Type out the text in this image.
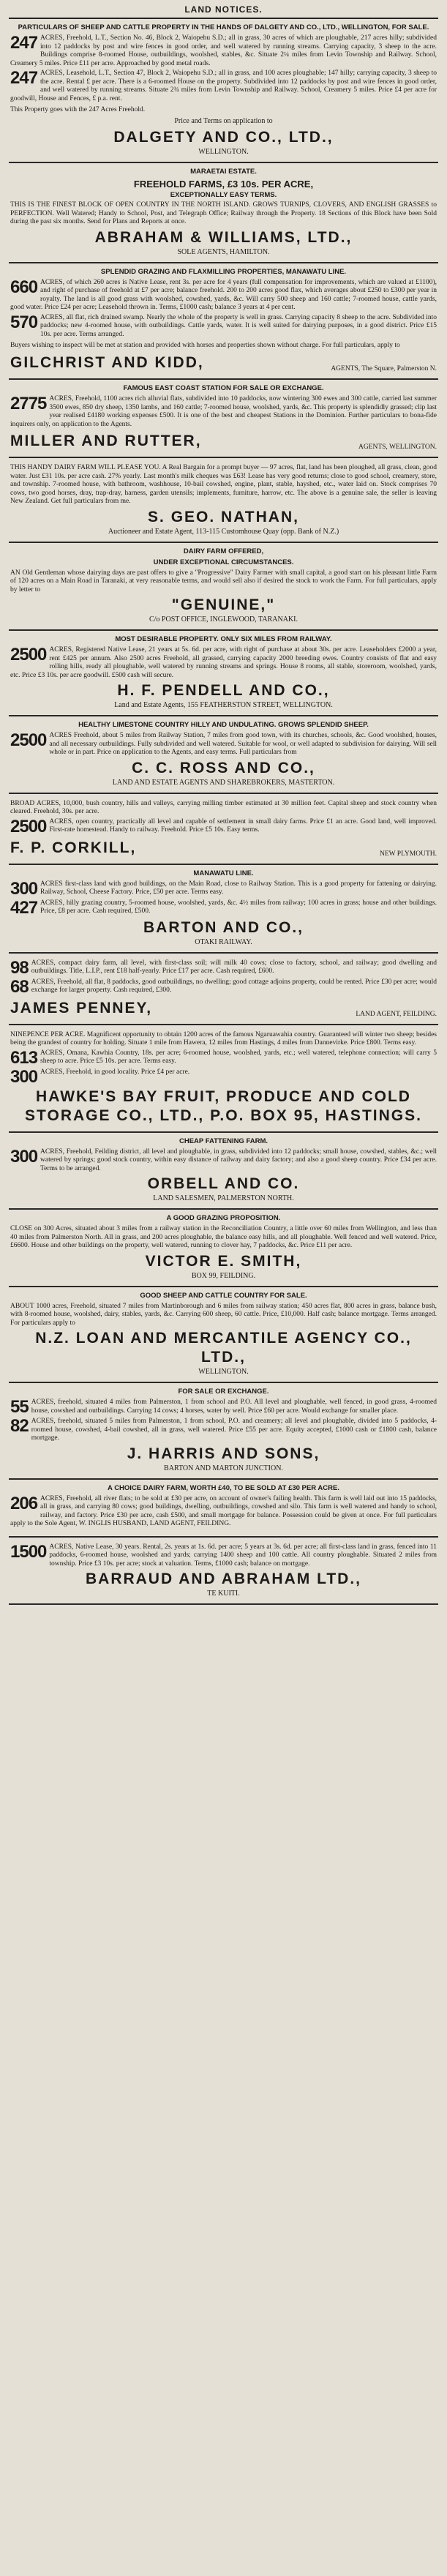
LAND NOTICES.
PARTICULARS OF SHEEP AND CATTLE PROPERTY IN THE HANDS OF DALGETY AND CO., LTD., WELLINGTON, FOR SALE.
247 ACRES, Freehold, L.T., Section No. 46, Block 2, Waiopehu S.D.; all in grass, 30 acres of which are ploughable, 217 acres hilly; subdivided into 12 paddocks by post and wire fences in good order, and well watered by running streams. Carrying capacity, 3 sheep to the acre. Buildings comprise 8-roomed House, outbuildings, woolshed, stables, &c. Situate 2¼ miles from Levin Township and Railway. School, Creamery 5 miles. Price £11 per acre. Approached by good metal roads.
247 ACRES, Leasehold, L.T., Section 47, Block 2, Waiopehu S.D.; all in grass, and 100 acres ploughable; 147 hilly; carrying capacity, 3 sheep to the acre. Rental £ per acre. There is a 6-roomed House on the property. Subdivided into 12 paddocks by post and wire fences in good order, and well watered by running streams. Situate 2¾ miles from Levin Township and Railway. School, Creamery 5 miles. Price £4 per acre for goodwill, House and Fences, £ p.a. rent.
This Property goes with the 247 Acres Freehold.
Price and Terms on application to
DALGETY AND CO., LTD.,
WELLINGTON.
MARAETAI ESTATE.
FREEHOLD FARMS, £3 10s. PER ACRE,
EXCEPTIONALLY EASY TERMS.
THIS IS THE FINEST BLOCK OF OPEN COUNTRY IN THE NORTH ISLAND. GROWS TURNIPS, CLOVERS, AND ENGLISH GRASSES to PERFECTION. Well Watered; Handy to School, Post, and Telegraph Office; Railway through the Property. 18 Sections of this Block have been Sold during the past six months. Send for Plans and Reports at once.
ABRAHAM & WILLIAMS, LTD.,
SOLE AGENTS, HAMILTON.
SPLENDID GRAZING AND FLAXMILLING PROPERTIES, MANAWATU LINE.
660 ACRES, of which 260 acres is Native Lease, rent 3s. per acre for 4 years (full compensation for improvements, which are valued at £1100), and right of purchase of freehold at £7 per acre; balance freehold. 200 to 200 acres good flax, which averages about £250 to £300 per year in royalty. The land is all good grass with woolshed, cowshed, yards, &c. Will carry 500 sheep and 160 cattle; 7-roomed house, cattle yards, good water. Price £24 per acre; Leasehold thrown in. Terms, £1000 cash; balance 3 years at 4 per cent.
570 ACRES, all flat, rich drained swamp. Nearly the whole of the property is well in grass. Carrying capacity 8 sheep to the acre. Subdivided into paddocks; new 4-roomed house, with outbuildings. Cattle yards, water. It is well suited for dairying purposes, in a good district. Price £15 10s. per acre. Terms arranged.
Buyers wishing to inspect will be met at station and provided with horses and properties shown without charge. For full particulars, apply to
GILCHRIST AND KIDD,	AGENTS, The Square, Palmerston N.
FAMOUS EAST COAST STATION FOR SALE OR EXCHANGE.
2775 ACRES, Freehold, 1100 acres rich alluvial flats, subdivided into 10 paddocks, now wintering 300 ewes and 300 cattle, carried last summer 3500 ewes, 850 dry sheep, 1350 lambs, and 160 cattle; 7-roomed house, woolshed, yards, &c. This property is splendidly grassed; clip last year realised £4180 working expenses £500. It is one of the best and cheapest Stations in the Dominion. Further particulars to bona-fide inquirers only, on application to the Agents.
MILLER AND RUTTER,	AGENTS, WELLINGTON.
THIS HANDY DAIRY FARM WILL PLEASE YOU. A Real Bargain for a prompt buyer — 97 acres, flat, land has been ploughed, all grass, clean, good water. Just £31 10s. per acre cash. 27% yearly. Last month's milk cheques was £63! Lease has very good returns; close to good school, creamery, store, and township. 7-roomed house, with bathroom, washhouse, 10-bail cowshed, engine, plant, stable, hayshed, etc., water laid on. Stock comprises 70 cows, two good horses, dray, trap-dray, harness, garden utensils; implements, furniture, harrow, etc. The above is a genuine sale, the seller is leaving New Zealand. Get full particulars from me.
S. GEO. NATHAN,
Auctioneer and Estate Agent, 113-115 Customhouse Quay (opp. Bank of N.Z.)
DAIRY FARM OFFERED,
UNDER EXCEPTIONAL CIRCUMSTANCES.
AN Old Gentleman whose dairying days are past offers to give a "Progressive" Dairy Farmer with small capital, a good start on his pleasant little Farm of 120 acres on a Main Road in Taranaki, at very reasonable terms, and would sell also if desired the stock to work the Farm. For full particulars, apply by letter to
"GENUINE,"
C/o POST OFFICE, INGLEWOOD, TARANAKI.
MOST DESIRABLE PROPERTY. ONLY SIX MILES FROM RAILWAY.
2500 ACRES, Registered Native Lease, 21 years at 5s. 6d. per acre, with right of purchase at about 30s. per acre. Leaseholders £2000 a year, rent £425 per annum. Also 2500 acres Freehold, all grassed, carrying capacity 2000 breeding ewes. Country consists of flat and easy rolling hills, ready all ploughable, well watered by running streams and springs. House 8 rooms, all stable, storeroom, woolshed, yards, etc. Price £3 10s. per acre goodwill. £500 cash will secure.
H. F. PENDELL AND CO.,
Land and Estate Agents, 155 FEATHERSTON STREET, WELLINGTON.
HEALTHY LIMESTONE COUNTRY HILLY AND UNDULATING. GROWS SPLENDID SHEEP.
2500 ACRES Freehold, about 5 miles from Railway Station, 7 miles from good town, with its churches, schools, &c. Good woolshed, houses, and all necessary outbuildings. Fully subdivided and well watered. Suitable for wool, or well adapted to subdivision for dairying. Will sell whole or in part. Price on application to the Agents, and easy terms. Full particulars from
C. C. ROSS AND CO.,
LAND AND ESTATE AGENTS AND SHAREBROKERS, MASTERTON.
BROAD ACRES, 10,000, bush country, hills and valleys, carrying milling timber estimated at 30 million feet. Capital sheep and stock country when cleared. Freehold, 30s. per acre.
2500 ACRES, open country, practically all level and capable of settlement in small dairy farms. Price £1 an acre. Good land, well improved. First-rate homestead. Handy to railway. Freehold. Price £5 10s. Easy terms.
F. P. CORKILL,	NEW PLYMOUTH.
MANAWATU LINE.
300 ACRES first-class land with good buildings, on the Main Road, close to Railway Station. This is a good property for fattening or dairying. Railway, School, Cheese Factory. Price, £50 per acre. Terms easy.
427 ACRES, hilly grazing country, 5-roomed house, woolshed, yards, &c. 4½ miles from railway; 100 acres in grass; house and other buildings. Price, £8 per acre. Cash required, £500.
BARTON AND CO.,
OTAKI RAILWAY.
98 ACRES, compact dairy farm, all level, with first-class soil; will milk 40 cows; close to factory, school, and railway; good dwelling and outbuildings. Title, L.I.P., rent £18 half-yearly. Price £17 per acre. Cash required, £600.
68 ACRES, Freehold, all flat, 8 paddocks, good outbuildings, no dwelling; good cottage adjoins property, could be rented. Price £30 per acre; would exchange for larger property. Cash required, £300.
JAMES PENNEY,	LAND AGENT, FEILDING.
NINEPENCE PER ACRE. Magnificent opportunity to obtain 1200 acres of the famous Ngaruawahia country. Guaranteed will winter two sheep; besides being the grandest of country for holding. Situate 1 mile from Hawera, 12 miles from Hastings, 4 miles from Dannevirke. Price £800. Terms easy.
613 ACRES, Omana, Kawhia Country, 18s. per acre; 6-roomed house, woolshed, yards, etc.; well watered, telephone connection; will carry 5 sheep to acre. Price £5 10s. per acre. Terms easy.
300 ACRES, Freehold, in good locality. Price £4 per acre.
HAWKE'S BAY FRUIT, PRODUCE AND COLD STORAGE CO., LTD., P.O. BOX 95, HASTINGS.
CHEAP FATTENING FARM.
300 ACRES, Freehold, Feilding district, all level and ploughable, in grass, subdivided into 12 paddocks; small house, cowshed, stables, &c.; well watered by springs; good stock country, within easy distance of railway and dairy factory; and also a good sheep country. Price £34 per acre. Terms to be arranged.
ORBELL AND CO.
LAND SALESMEN, PALMERSTON NORTH.
A GOOD GRAZING PROPOSITION.
CLOSE on 300 Acres, situated about 3 miles from a railway station in the Reconciliation Country, a little over 60 miles from Wellington, and less than 40 miles from Palmerston North. All in grass, and 200 acres ploughable, the balance easy hills, and all ploughable. Well fenced and well watered. Price, £6600. House and other buildings on the property, well watered, running to clover hay, 7 paddocks, &c. Price £11 per acre.
VICTOR E. SMITH,
BOX 99, FEILDING.
GOOD SHEEP AND CATTLE COUNTRY FOR SALE.
ABOUT 1000 acres, Freehold, situated 7 miles from Martinborough and 6 miles from railway station; 450 acres flat, 800 acres in grass, balance bush, with 8-roomed house, woolshed, dairy, stables, yards, &c. Carrying 600 sheep, 60 cattle. Price, £10,000. Half cash; balance mortgage. Terms arranged. For particulars apply to
N.Z. LOAN AND MERCANTILE AGENCY CO., LTD.,
WELLINGTON.
FOR SALE OR EXCHANGE.
55 ACRES, freehold, situated 4 miles from Palmerston, 1 from school and P.O. All level and ploughable, well fenced, in good grass, 4-roomed house, cowshed and outbuildings. Carrying 14 cows; 4 horses, water by well. Price £60 per acre. Would exchange for smaller place.
82 ACRES, freehold, situated 5 miles from Palmerston, 1 from school, P.O. and creamery; all level and ploughable, divided into 5 paddocks, 4-roomed house, cowshed, 4-bail cowshed, all in grass, well watered. Price £55 per acre. Equity accepted, £1000 cash or £1800 cash, balance mortgage.
J. HARRIS AND SONS,
BARTON AND MARTON JUNCTION.
A CHOICE DAIRY FARM, WORTH £40, TO BE SOLD AT £30 PER ACRE.
206 ACRES, Freehold, all river flats; to be sold at £30 per acre, on account of owner's failing health. This farm is well laid out into 15 paddocks, all in grass, and carrying 80 cows; good buildings, dwelling, outbuildings, cowshed and silo. This farm is well watered and handy to school, railway, and factory. Price £30 per acre, cash £500, and small mortgage for balance. Possession could be given at once. For full particulars apply to the Sole Agent, W. INGLIS HUSBAND, LAND AGENT, FEILDING.
1500 ACRES, Native Lease, 30 years. Rental, 2s. years at 1s. 6d. per acre; 5 years at 3s. 6d. per acre; all first-class land in grass, fenced into 11 paddocks, 6-roomed house, woolshed and yards; carrying 1400 sheep and 100 cattle. All country ploughable. Situated 2 miles from township. Price £3 10s. per acre; stock at valuation. Terms, £1000 cash; balance on mortgage.
BARRAUD AND ABRAHAM LTD.,
TE KUITI.
